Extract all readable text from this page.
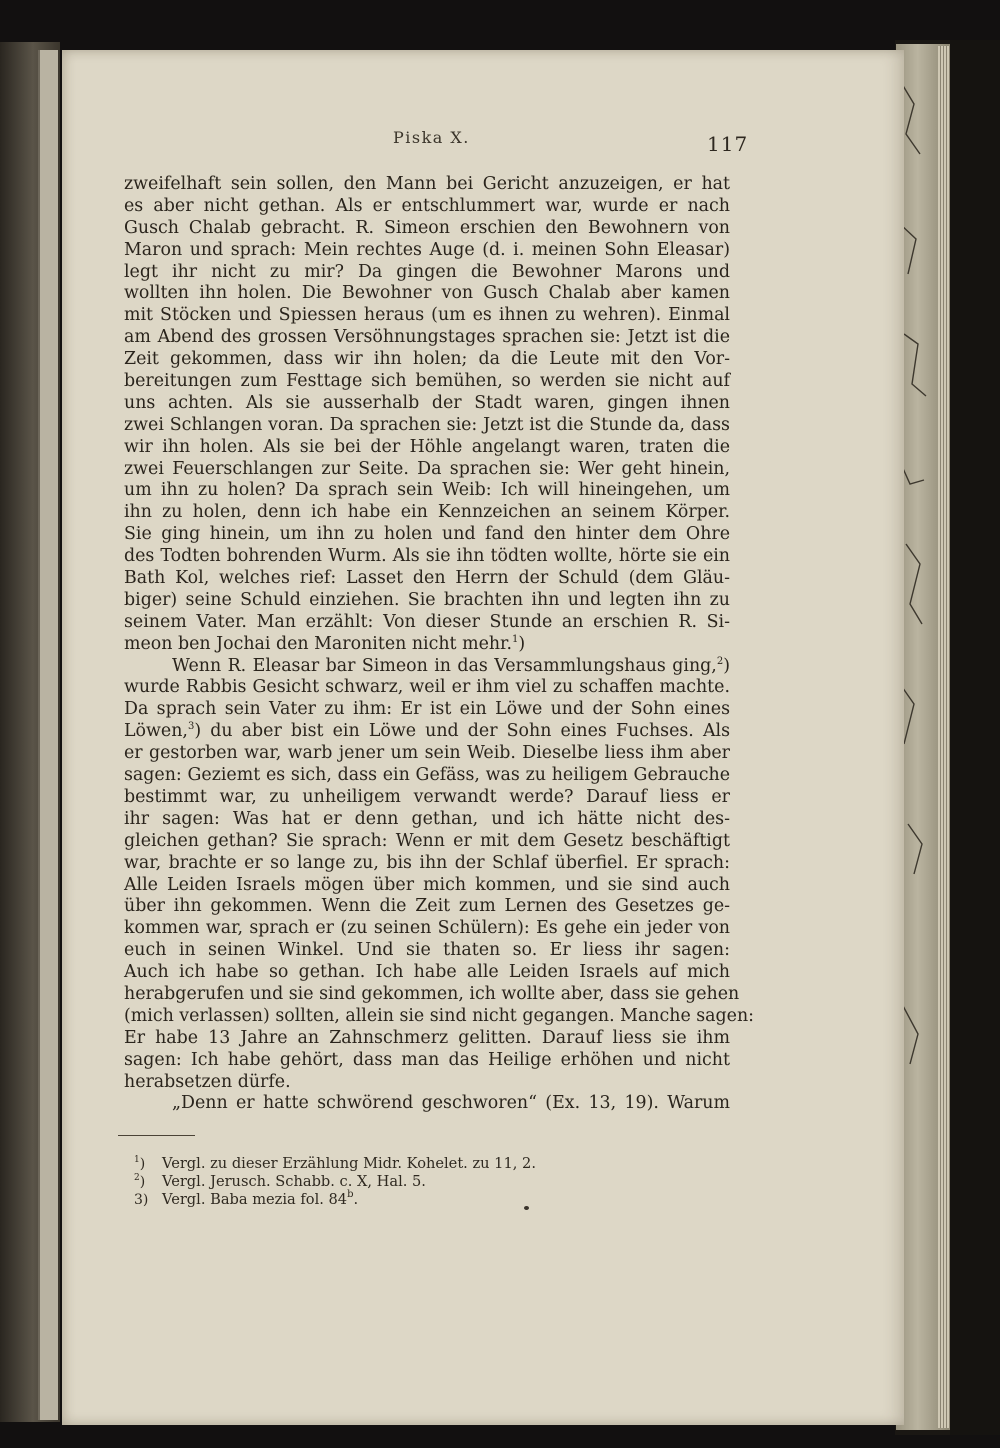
Piska X.	117
zweifelhaft sein sollen, den Mann bei Gericht anzuzeigen, er hat
es aber nicht gethan. Als er entschlummert war, wurde er nach
Gusch Chalab gebracht. R. Simeon erschien den Bewohnern von
Maron und sprach: Mein rechtes Auge (d. i. meinen Sohn Eleasar)
legt ihr nicht zu mir? Da gingen die Bewohner Marons und
wollten ihn holen. Die Bewohner von Gusch Chalab aber kamen
mit Stöcken und Spiessen heraus (um es ihnen zu wehren). Einmal
am Abend des grossen Versöhnungstages sprachen sie: Jetzt ist die
Zeit gekommen, dass wir ihn holen; da die Leute mit den Vor-
bereitungen zum Festtage sich bemühen, so werden sie nicht auf
uns achten. Als sie ausserhalb der Stadt waren, gingen ihnen
zwei Schlangen voran. Da sprachen sie: Jetzt ist die Stunde da, dass
wir ihn holen. Als sie bei der Höhle angelangt waren, traten die
zwei Feuerschlangen zur Seite. Da sprachen sie: Wer geht hinein,
um ihn zu holen? Da sprach sein Weib: Ich will hineingehen, um
ihn zu holen, denn ich habe ein Kennzeichen an seinem Körper.
Sie ging hinein, um ihn zu holen und fand den hinter dem Ohre
des Todten bohrenden Wurm. Als sie ihn tödten wollte, hörte sie ein
Bath Kol, welches rief: Lasset den Herrn der Schuld (dem Gläu-
biger) seine Schuld einziehen. Sie brachten ihn und legten ihn zu
seinem Vater. Man erzählt: Von dieser Stunde an erschien R. Si-
meon ben Jochai den Maroniten nicht mehr.$^1$)
Wenn R. Eleasar bar Simeon in das Versammlungshaus ging,$^2$)
wurde Rabbis Gesicht schwarz, weil er ihm viel zu schaffen machte.
Da sprach sein Vater zu ihm: Er ist ein Löwe und der Sohn eines
Löwen,$^3$) du aber bist ein Löwe und der Sohn eines Fuchses. Als
er gestorben war, warb jener um sein Weib. Dieselbe liess ihm aber
sagen: Geziemt es sich, dass ein Gefäss, was zu heiligem Gebrauche
bestimmt war, zu unheiligem verwandt werde? Darauf liess er
ihr sagen: Was hat er denn gethan, und ich hätte nicht des-
gleichen gethan? Sie sprach: Wenn er mit dem Gesetz beschäftigt
war, brachte er so lange zu, bis ihn der Schlaf überfiel. Er sprach:
Alle Leiden Israels mögen über mich kommen, und sie sind auch
über ihn gekommen. Wenn die Zeit zum Lernen des Gesetzes ge-
kommen war, sprach er (zu seinen Schülern): Es gehe ein jeder von
euch in seinen Winkel. Und sie thaten so. Er liess ihr sagen:
Auch ich habe so gethan. Ich habe alle Leiden Israels auf mich
herabgerufen und sie sind gekommen, ich wollte aber, dass sie gehen
(mich verlassen) sollten, allein sie sind nicht gegangen. Manche sagen:
Er habe 13 Jahre an Zahnschmerz gelitten. Darauf liess sie ihm
sagen: Ich habe gehört, dass man das Heilige erhöhen und nicht
herabsetzen dürfe.
„Denn er hatte schwörend geschworen“ (Ex. 13, 19). Warum
$^1$) Vergl. zu dieser Erzählung Midr. Kohelet. zu 11, 2.
$^2$) Vergl. Jerusch. Schabb. c. X, Hal. 5.
3) Vergl. Baba mezia fol. 84$^b$.
